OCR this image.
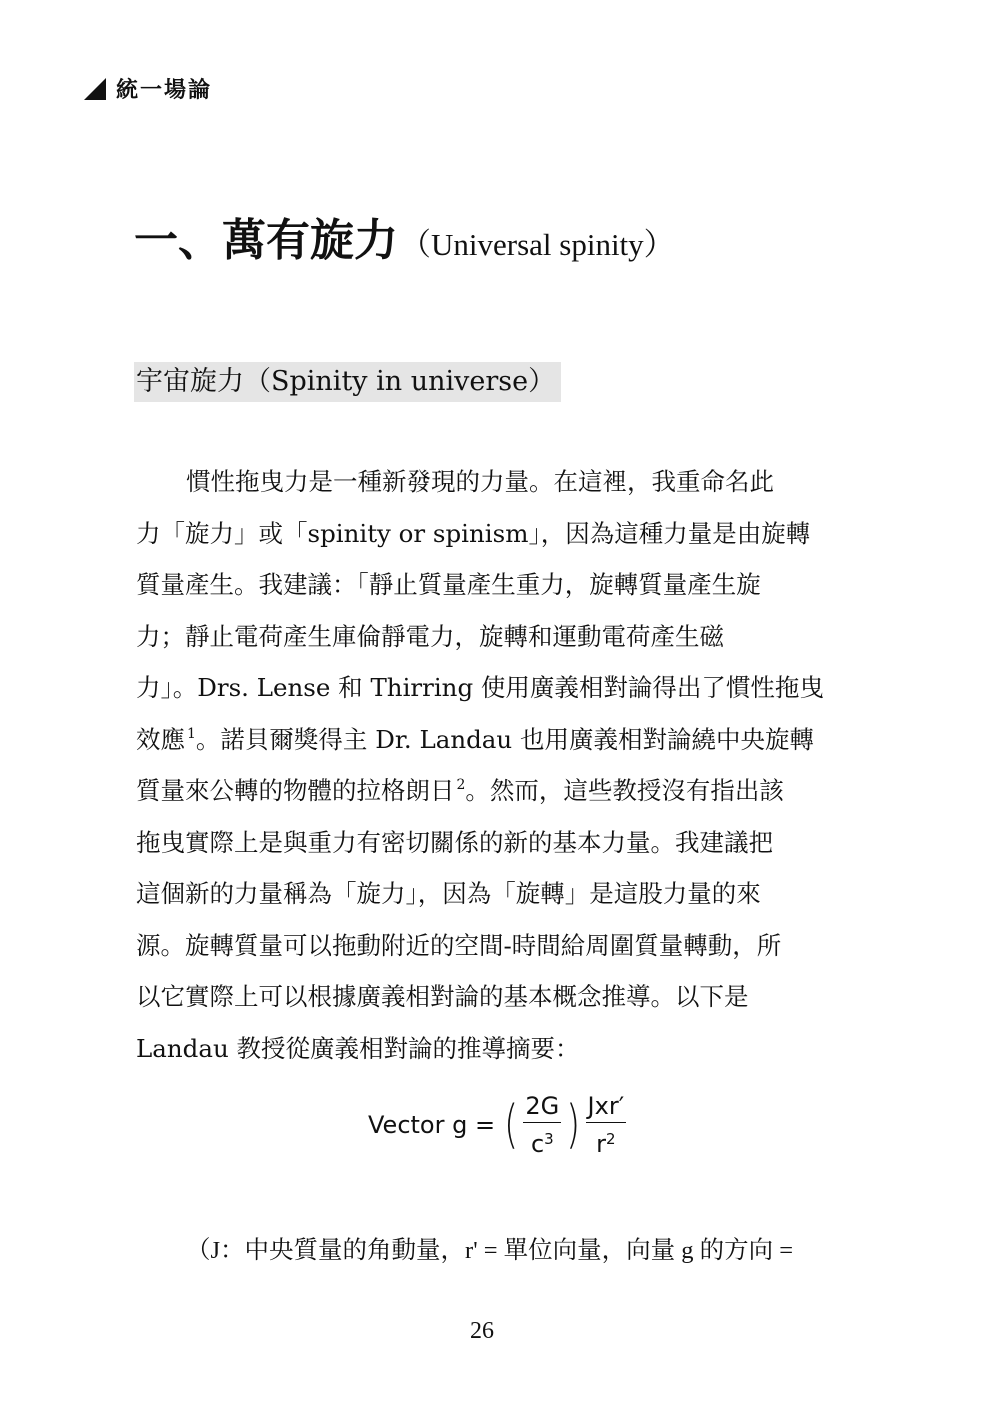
統一場論
一、萬有旋力 （Universal spinity）
宇宙旋力（Spinity in universe）
慣性拖曳力是一種新發現的力量。在這裡，我重命名此
力「旋力」或「spinity or spinism」，因為這種力量是由旋轉
質量產生。我建議：「靜止質量產生重力，旋轉質量產生旋
力；靜止電荷產生庫倫靜電力，旋轉和運動電荷產生磁
力」。Drs. Lense 和 Thirring 使用廣義相對論得出了慣性拖曳
效應 $^1$。諾貝爾獎得主 Dr. Landau 也用廣義相對論繞中央旋轉
質量來公轉的物體的拉格朗日 $^2$。然而，這些教授沒有指出該
拖曳實際上是與重力有密切關係的新的基本力量。我建議把
這個新的力量稱為「旋力」，因為「旋轉」是這股力量的來
源。旋轉質量可以拖動附近的空間-時間給周圍質量轉動，所
以它實際上可以根據廣義相對論的基本概念推導。以下是
Landau 教授從廣義相對論的推導摘要：
Vector g = ( $\frac{2G}{c^3}$ ) $\frac{\text{Jxr′}}{r^2}$
（J：中央質量的角動量，r' = 單位向量，向量 g 的方向 =
26
